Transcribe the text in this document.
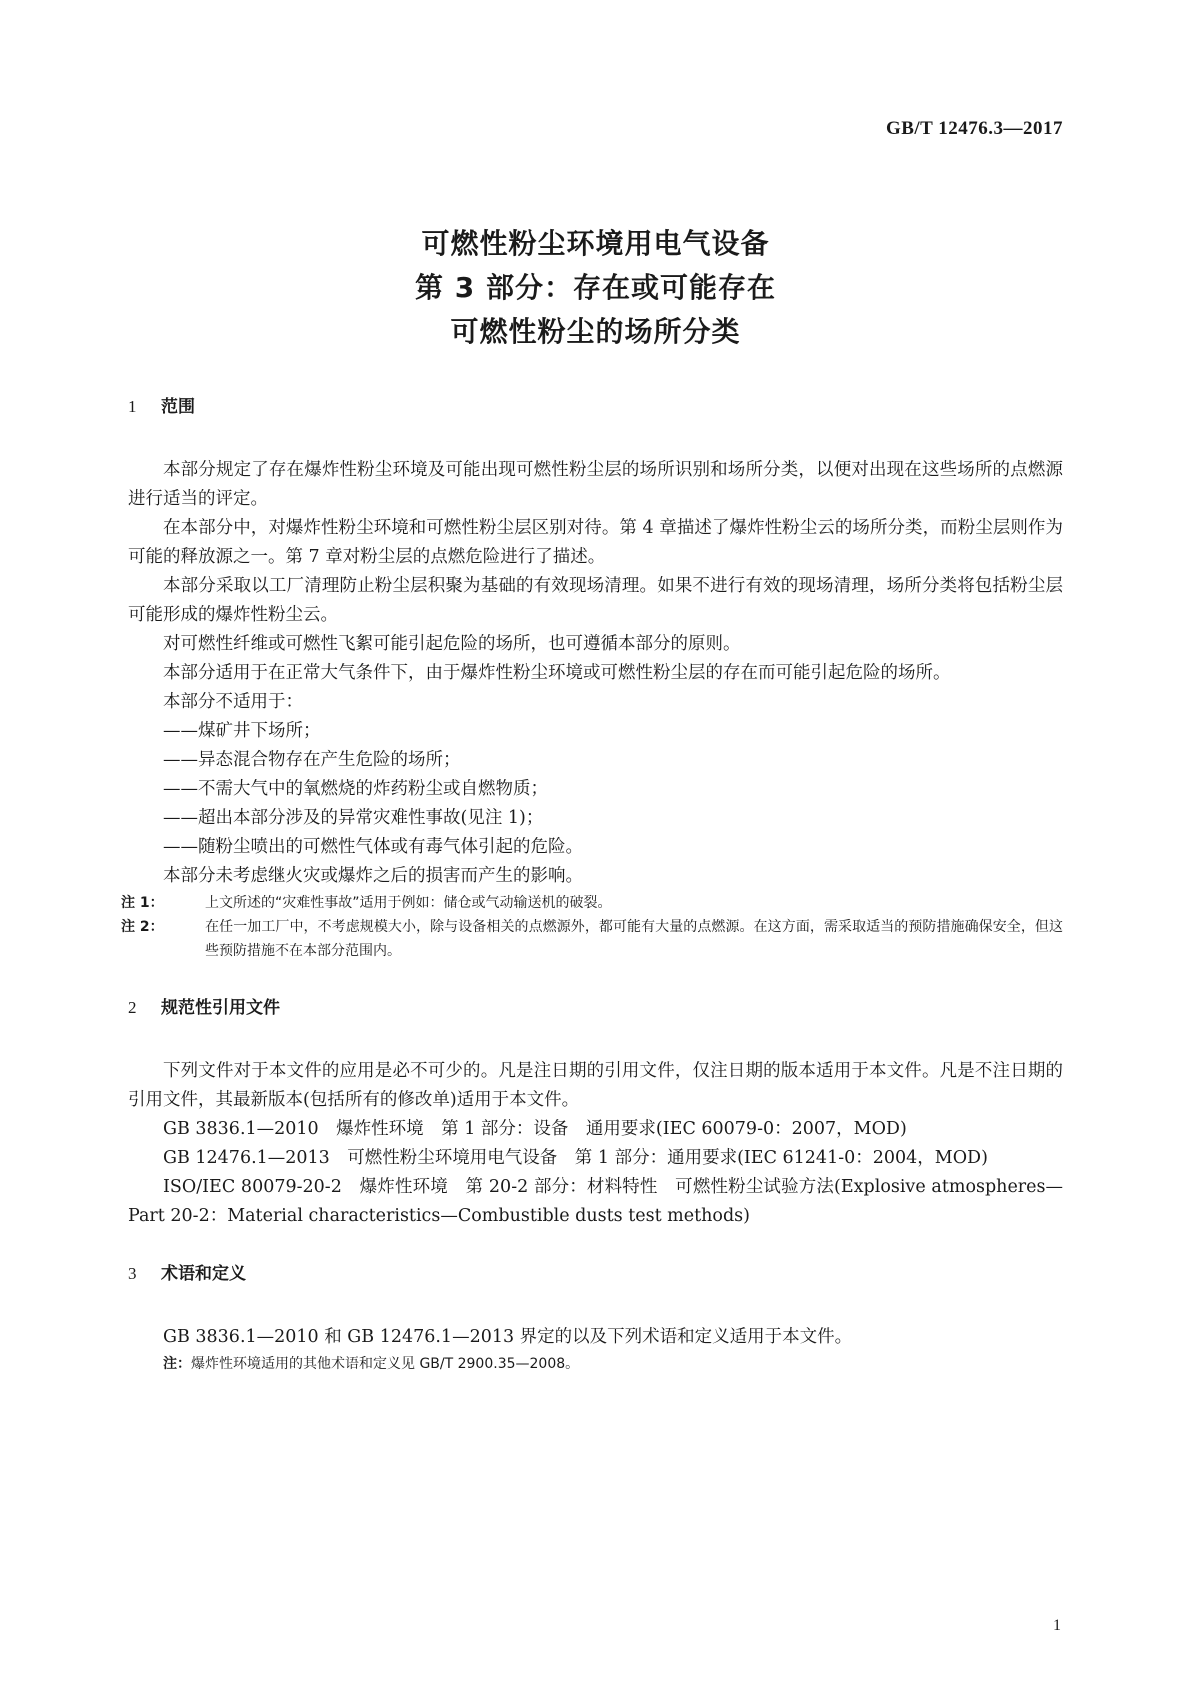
GB/T 12476.3—2017
可燃性粉尘环境用电气设备
第 3 部分：存在或可能存在
可燃性粉尘的场所分类
1 范围

本部分规定了存在爆炸性粉尘环境及可能出现可燃性粉尘层的场所识别和场所分类，以便对出现在这些场所的点燃源进行适当的评定。

在本部分中，对爆炸性粉尘环境和可燃性粉尘层区别对待。第 4 章描述了爆炸性粉尘云的场所分类，而粉尘层则作为可能的释放源之一。第 7 章对粉尘层的点燃危险进行了描述。

本部分采取以工厂清理防止粉尘层积聚为基础的有效现场清理。如果不进行有效的现场清理，场所分类将包括粉尘层可能形成的爆炸性粉尘云。

对可燃性纤维或可燃性飞絮可能引起危险的场所，也可遵循本部分的原则。

本部分适用于在正常大气条件下，由于爆炸性粉尘环境或可燃性粉尘层的存在而可能引起危险的场所。

本部分不适用于：

——煤矿井下场所；
——异态混合物存在产生危险的场所；
——不需大气中的氧燃烧的炸药粉尘或自燃物质；
——超出本部分涉及的异常灾难性事故(见注 1)；
——随粉尘喷出的可燃性气体或有毒气体引起的危险。

本部分未考虑继火灾或爆炸之后的损害而产生的影响。

注 1：	上文所述的“灾难性事故”适用于例如：储仓或气动输送机的破裂。
注 2：	在任一加工厂中，不考虑规模大小，除与设备相关的点燃源外，都可能有大量的点燃源。在这方面，需采取适当的预防措施确保安全，但这些预防措施不在本部分范围内。
2 规范性引用文件

下列文件对于本文件的应用是必不可少的。凡是注日期的引用文件，仅注日期的版本适用于本文件。凡是不注日期的引用文件，其最新版本(包括所有的修改单)适用于本文件。

GB 3836.1—2010　爆炸性环境　第 1 部分：设备　通用要求(IEC 60079-0：2007，MOD)

GB 12476.1—2013　可燃性粉尘环境用电气设备　第 1 部分：通用要求(IEC 61241-0：2004，MOD)

ISO/IEC 80079-20-2　爆炸性环境　第 20-2 部分：材料特性　可燃性粉尘试验方法(Explosive atmospheres—Part 20-2：Material characteristics—Combustible dusts test methods)

3 术语和定义

GB 3836.1—2010 和 GB 12476.1—2013 界定的以及下列术语和定义适用于本文件。

注：爆炸性环境适用的其他术语和定义见 GB/T 2900.35—2008。
1
